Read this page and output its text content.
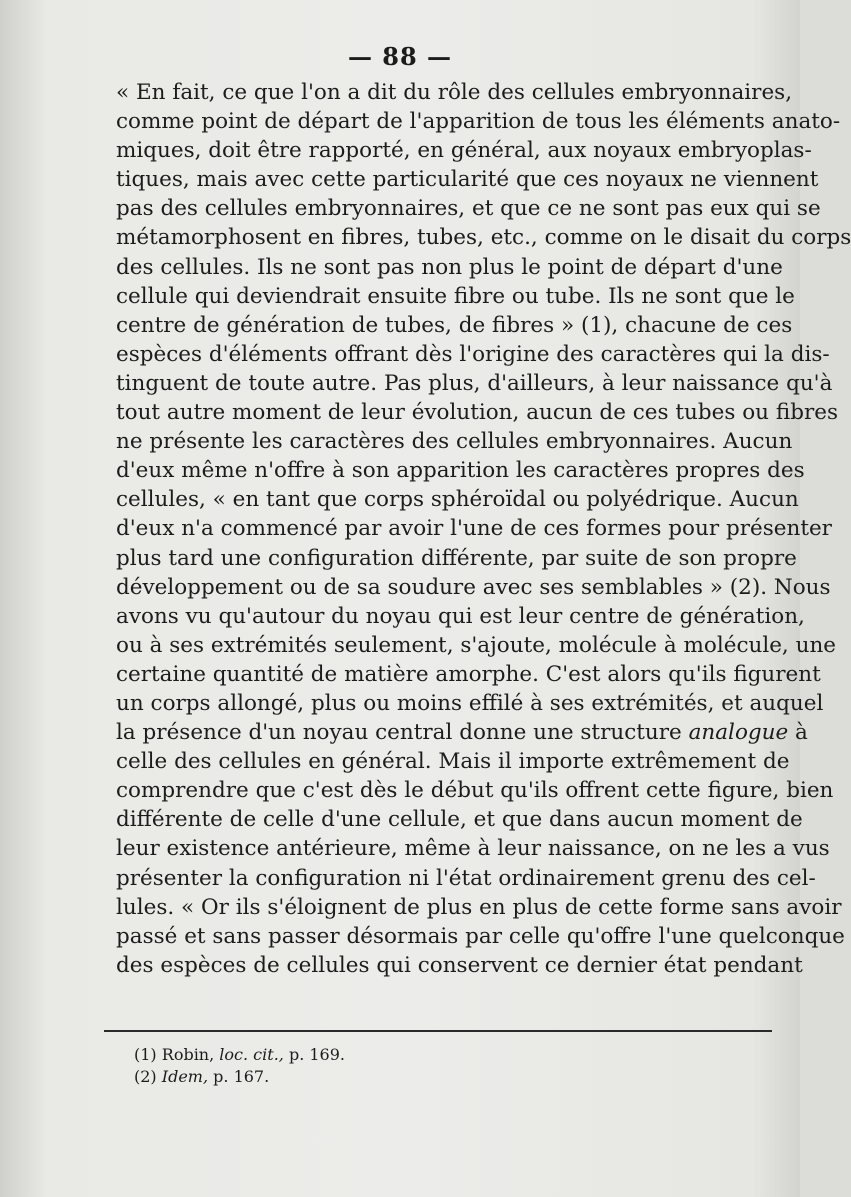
— 88 —
« En fait, ce que l'on a dit du rôle des cellules embryonnaires,
comme point de départ de l'apparition de tous les éléments anato-
miques, doit être rapporté, en général, aux noyaux embryoplas-
tiques, mais avec cette particularité que ces noyaux ne viennent
pas des cellules embryonnaires, et que ce ne sont pas eux qui se
métamorphosent en fibres, tubes, etc., comme on le disait du corps
des cellules. Ils ne sont pas non plus le point de départ d'une
cellule qui deviendrait ensuite fibre ou tube. Ils ne sont que le
centre de génération de tubes, de fibres » (1), chacune de ces
espèces d'éléments offrant dès l'origine des caractères qui la dis-
tinguent de toute autre. Pas plus, d'ailleurs, à leur naissance qu'à
tout autre moment de leur évolution, aucun de ces tubes ou fibres
ne présente les caractères des cellules embryonnaires. Aucun
d'eux même n'offre à son apparition les caractères propres des
cellules, « en tant que corps sphéroïdal ou polyédrique. Aucun
d'eux n'a commencé par avoir l'une de ces formes pour présenter
plus tard une configuration différente, par suite de son propre
développement ou de sa soudure avec ses semblables » (2). Nous
avons vu qu'autour du noyau qui est leur centre de génération,
ou à ses extrémités seulement, s'ajoute, molécule à molécule, une
certaine quantité de matière amorphe. C'est alors qu'ils figurent
un corps allongé, plus ou moins effilé à ses extrémités, et auquel
la présence d'un noyau central donne une structure analogue à
celle des cellules en général. Mais il importe extrêmement de
comprendre que c'est dès le début qu'ils offrent cette figure, bien
différente de celle d'une cellule, et que dans aucun moment de
leur existence antérieure, même à leur naissance, on ne les a vus
présenter la configuration ni l'état ordinairement grenu des cel-
lules. « Or ils s'éloignent de plus en plus de cette forme sans avoir
passé et sans passer désormais par celle qu'offre l'une quelconque
des espèces de cellules qui conservent ce dernier état pendant
(1) Robin, loc. cit., p. 169.
(2) Idem, p. 167.
